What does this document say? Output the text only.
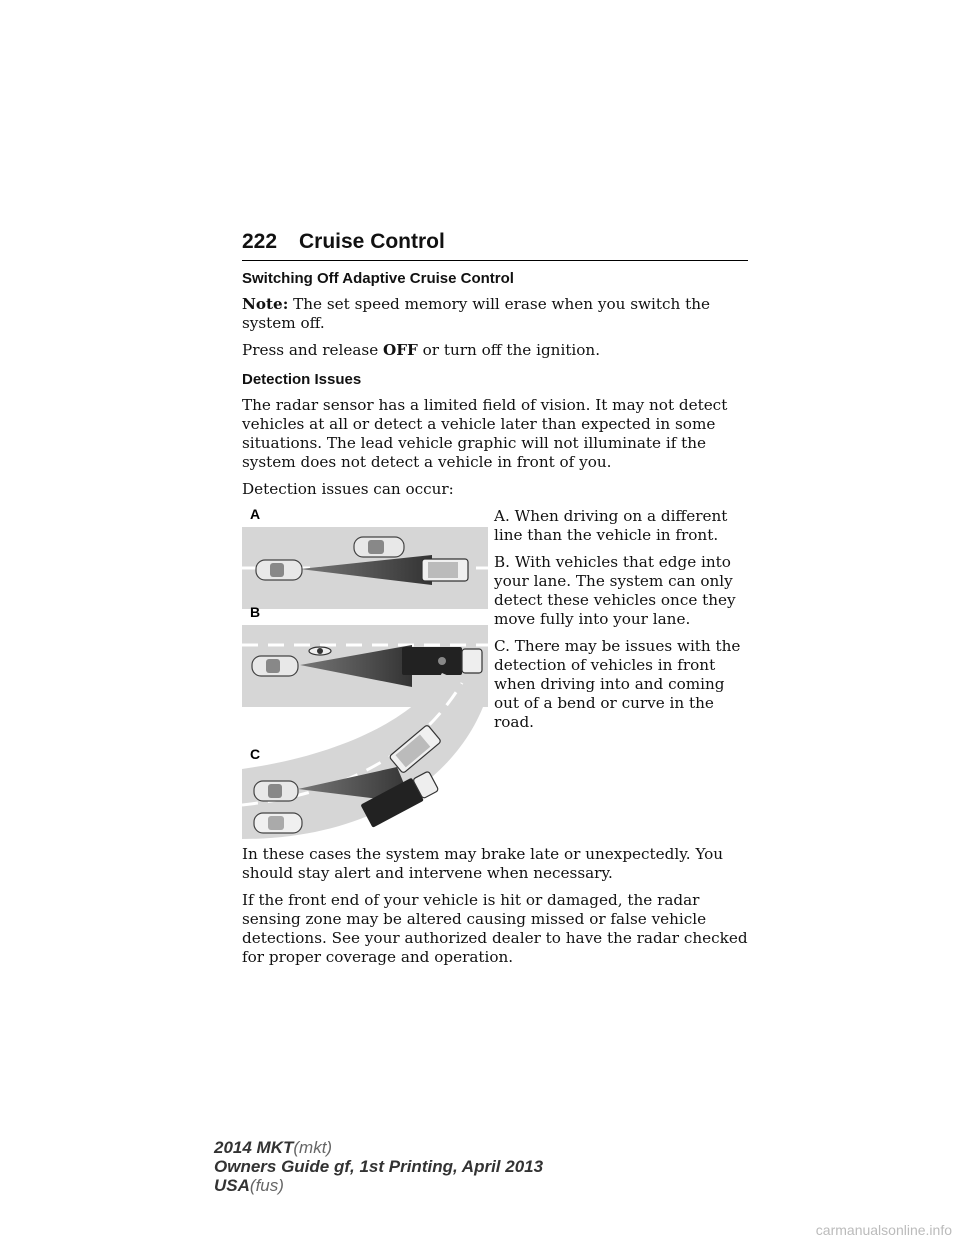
222 Cruise Control
Switching Off Adaptive Cruise Control

Note: The set speed memory will erase when you switch the system off.

Press and release OFF or turn off the ignition.

Detection Issues

The radar sensor has a limited field of vision. It may not detect vehicles at all or detect a vehicle later than expected in some situations. The lead vehicle graphic will not illuminate if the system does not detect a vehicle in front of you.

Detection issues can occur:

A
B
C

A. When driving on a different line than the vehicle in front.

B. With vehicles that edge into your lane. The system can only detect these vehicles once they move fully into your lane.

C. There may be issues with the detection of vehicles in front when driving into and coming out of a bend or curve in the road.

In these cases the system may brake late or unexpectedly. You should stay alert and intervene when necessary.

If the front end of your vehicle is hit or damaged, the radar sensing zone may be altered causing missed or false vehicle detections. See your authorized dealer to have the radar checked for proper coverage and operation.

2014 MKT(mkt)
Owners Guide gf, 1st Printing, April 2013
USA(fus)
carmanualsonline.info
